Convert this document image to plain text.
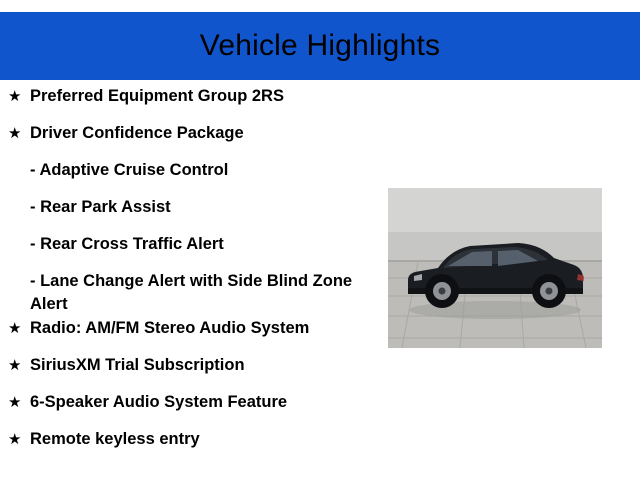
Vehicle Highlights
★ Preferred Equipment Group 2RS
★ Driver Confidence Package
- Adaptive Cruise Control
- Rear Park Assist
- Rear Cross Traffic Alert
- Lane Change Alert with Side Blind Zone Alert
★ Radio: AM/FM Stereo Audio System
★ SiriusXM Trial Subscription
★ 6-Speaker Audio System Feature
★ Remote keyless entry
